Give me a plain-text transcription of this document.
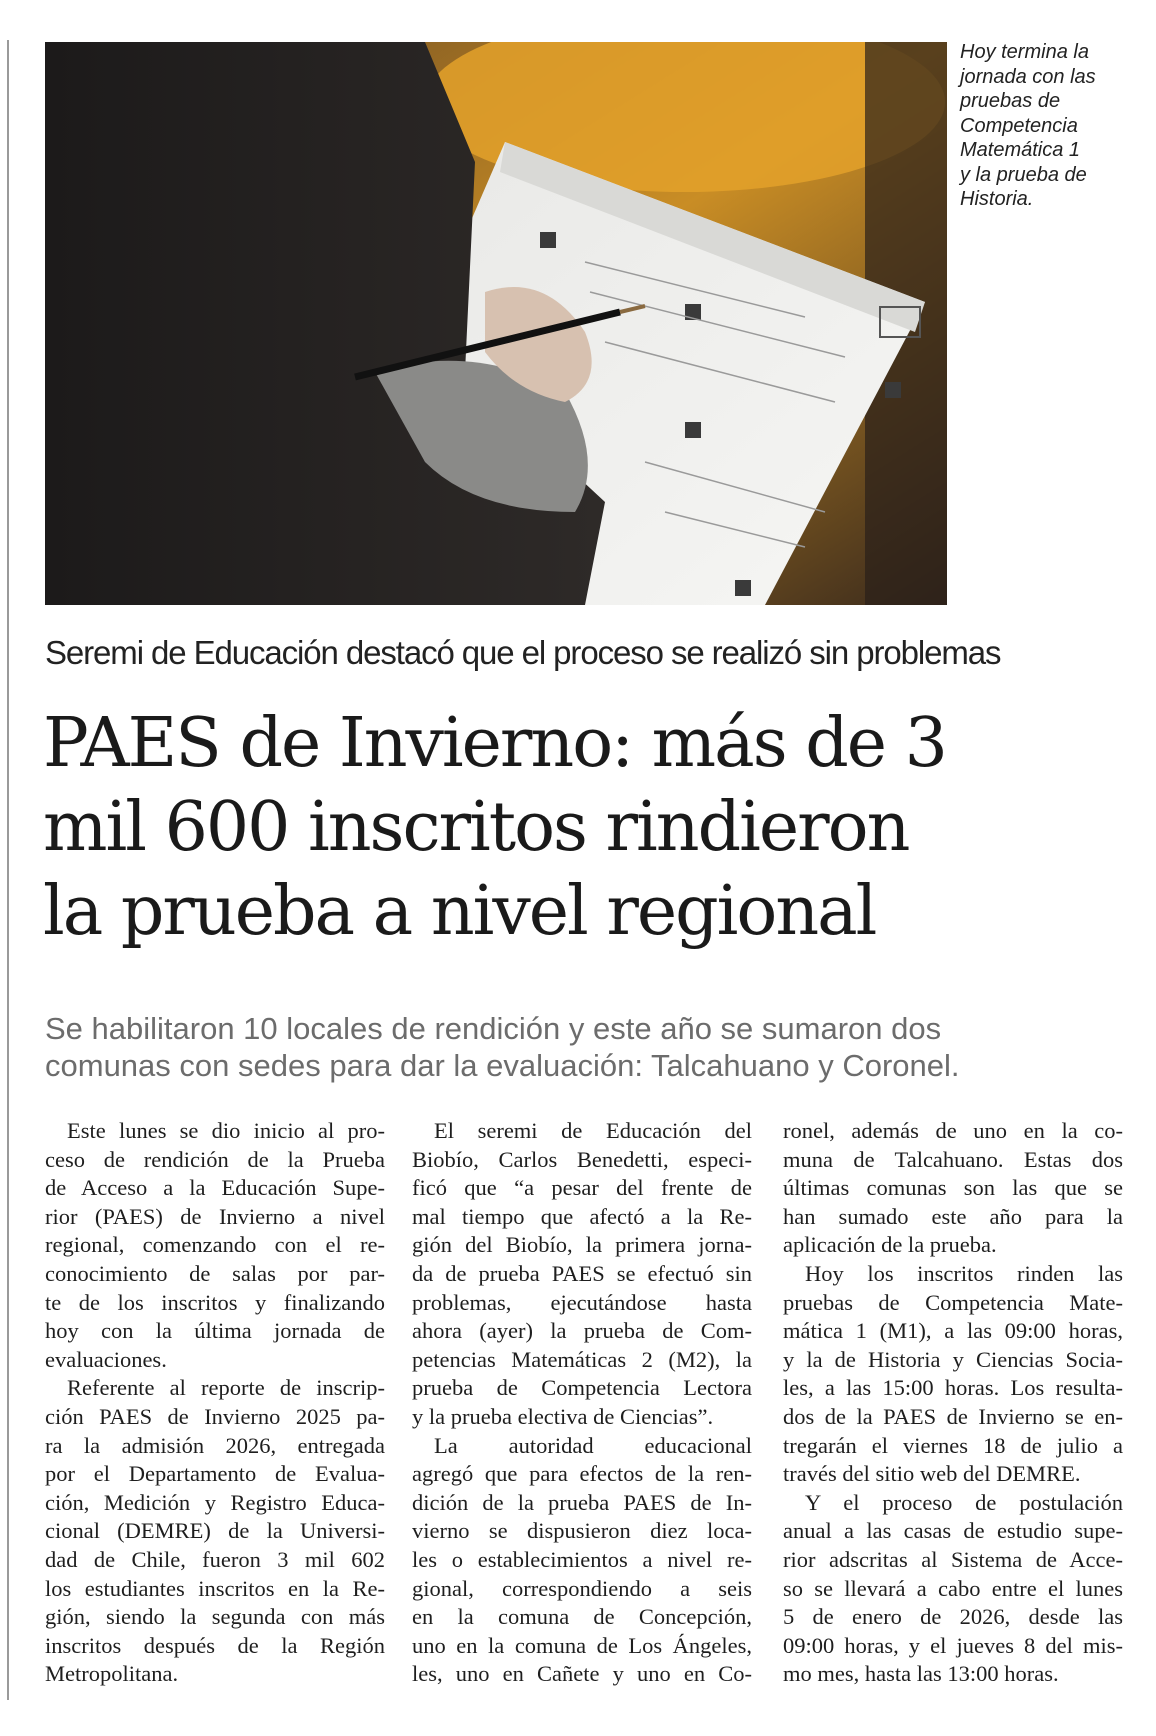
Hoy termina la
jornada con las
pruebas de
Competencia
Matemática 1
y la prueba de
Historia.
Seremi de Educación destacó que el proceso se realizó sin problemas
PAES de Invierno: más de 3
mil 600 inscritos rindieron
la prueba a nivel regional
Se habilitaron 10 locales de rendición y este año se sumaron dos
comunas con sedes para dar la evaluación: Talcahuano y Coronel.

Este lunes se dio inicio al pro-
ceso de rendición de la Prueba
de Acceso a la Educación Supe-
rior (PAES) de Invierno a nivel
regional, comenzando con el re-
conocimiento de salas por par-
te de los inscritos y finalizando
hoy con la última jornada de
evaluaciones.

Referente al reporte de inscrip-
ción PAES de Invierno 2025 pa-
ra la admisión 2026, entregada
por el Departamento de Evalua-
ción, Medición y Registro Educa-
cional (DEMRE) de la Universi-
dad de Chile, fueron 3 mil 602
los estudiantes inscritos en la Re-
gión, siendo la segunda con más
inscritos después de la Región
Metropolitana.

El seremi de Educación del
Biobío, Carlos Benedetti, especi-
ficó que “a pesar del frente de
mal tiempo que afectó a la Re-
gión del Biobío, la primera jorna-
da de prueba PAES se efectuó sin
problemas, ejecutándose hasta
ahora (ayer) la prueba de Com-
petencias Matemáticas 2 (M2), la
prueba de Competencia Lectora
y la prueba electiva de Ciencias”.

La autoridad educacional
agregó que para efectos de la ren-
dición de la prueba PAES de In-
vierno se dispusieron diez loca-
les o establecimientos a nivel re-
gional, correspondiendo a seis
en la comuna de Concepción,
uno en la comuna de Los Ángeles,
les, uno en Cañete y uno en Co-

ronel, además de uno en la co-
muna de Talcahuano. Estas dos
últimas comunas son las que se
han sumado este año para la
aplicación de la prueba.

Hoy los inscritos rinden las
pruebas de Competencia Mate-
mática 1 (M1), a las 09:00 horas,
y la de Historia y Ciencias Socia-
les, a las 15:00 horas. Los resulta-
dos de la PAES de Invierno se en-
tregarán el viernes 18 de julio a
través del sitio web del DEMRE.

Y el proceso de postulación
anual a las casas de estudio supe-
rior adscritas al Sistema de Acce-
so se llevará a cabo entre el lunes
5 de enero de 2026, desde las
09:00 horas, y el jueves 8 del mis-
mo mes, hasta las 13:00 horas.
